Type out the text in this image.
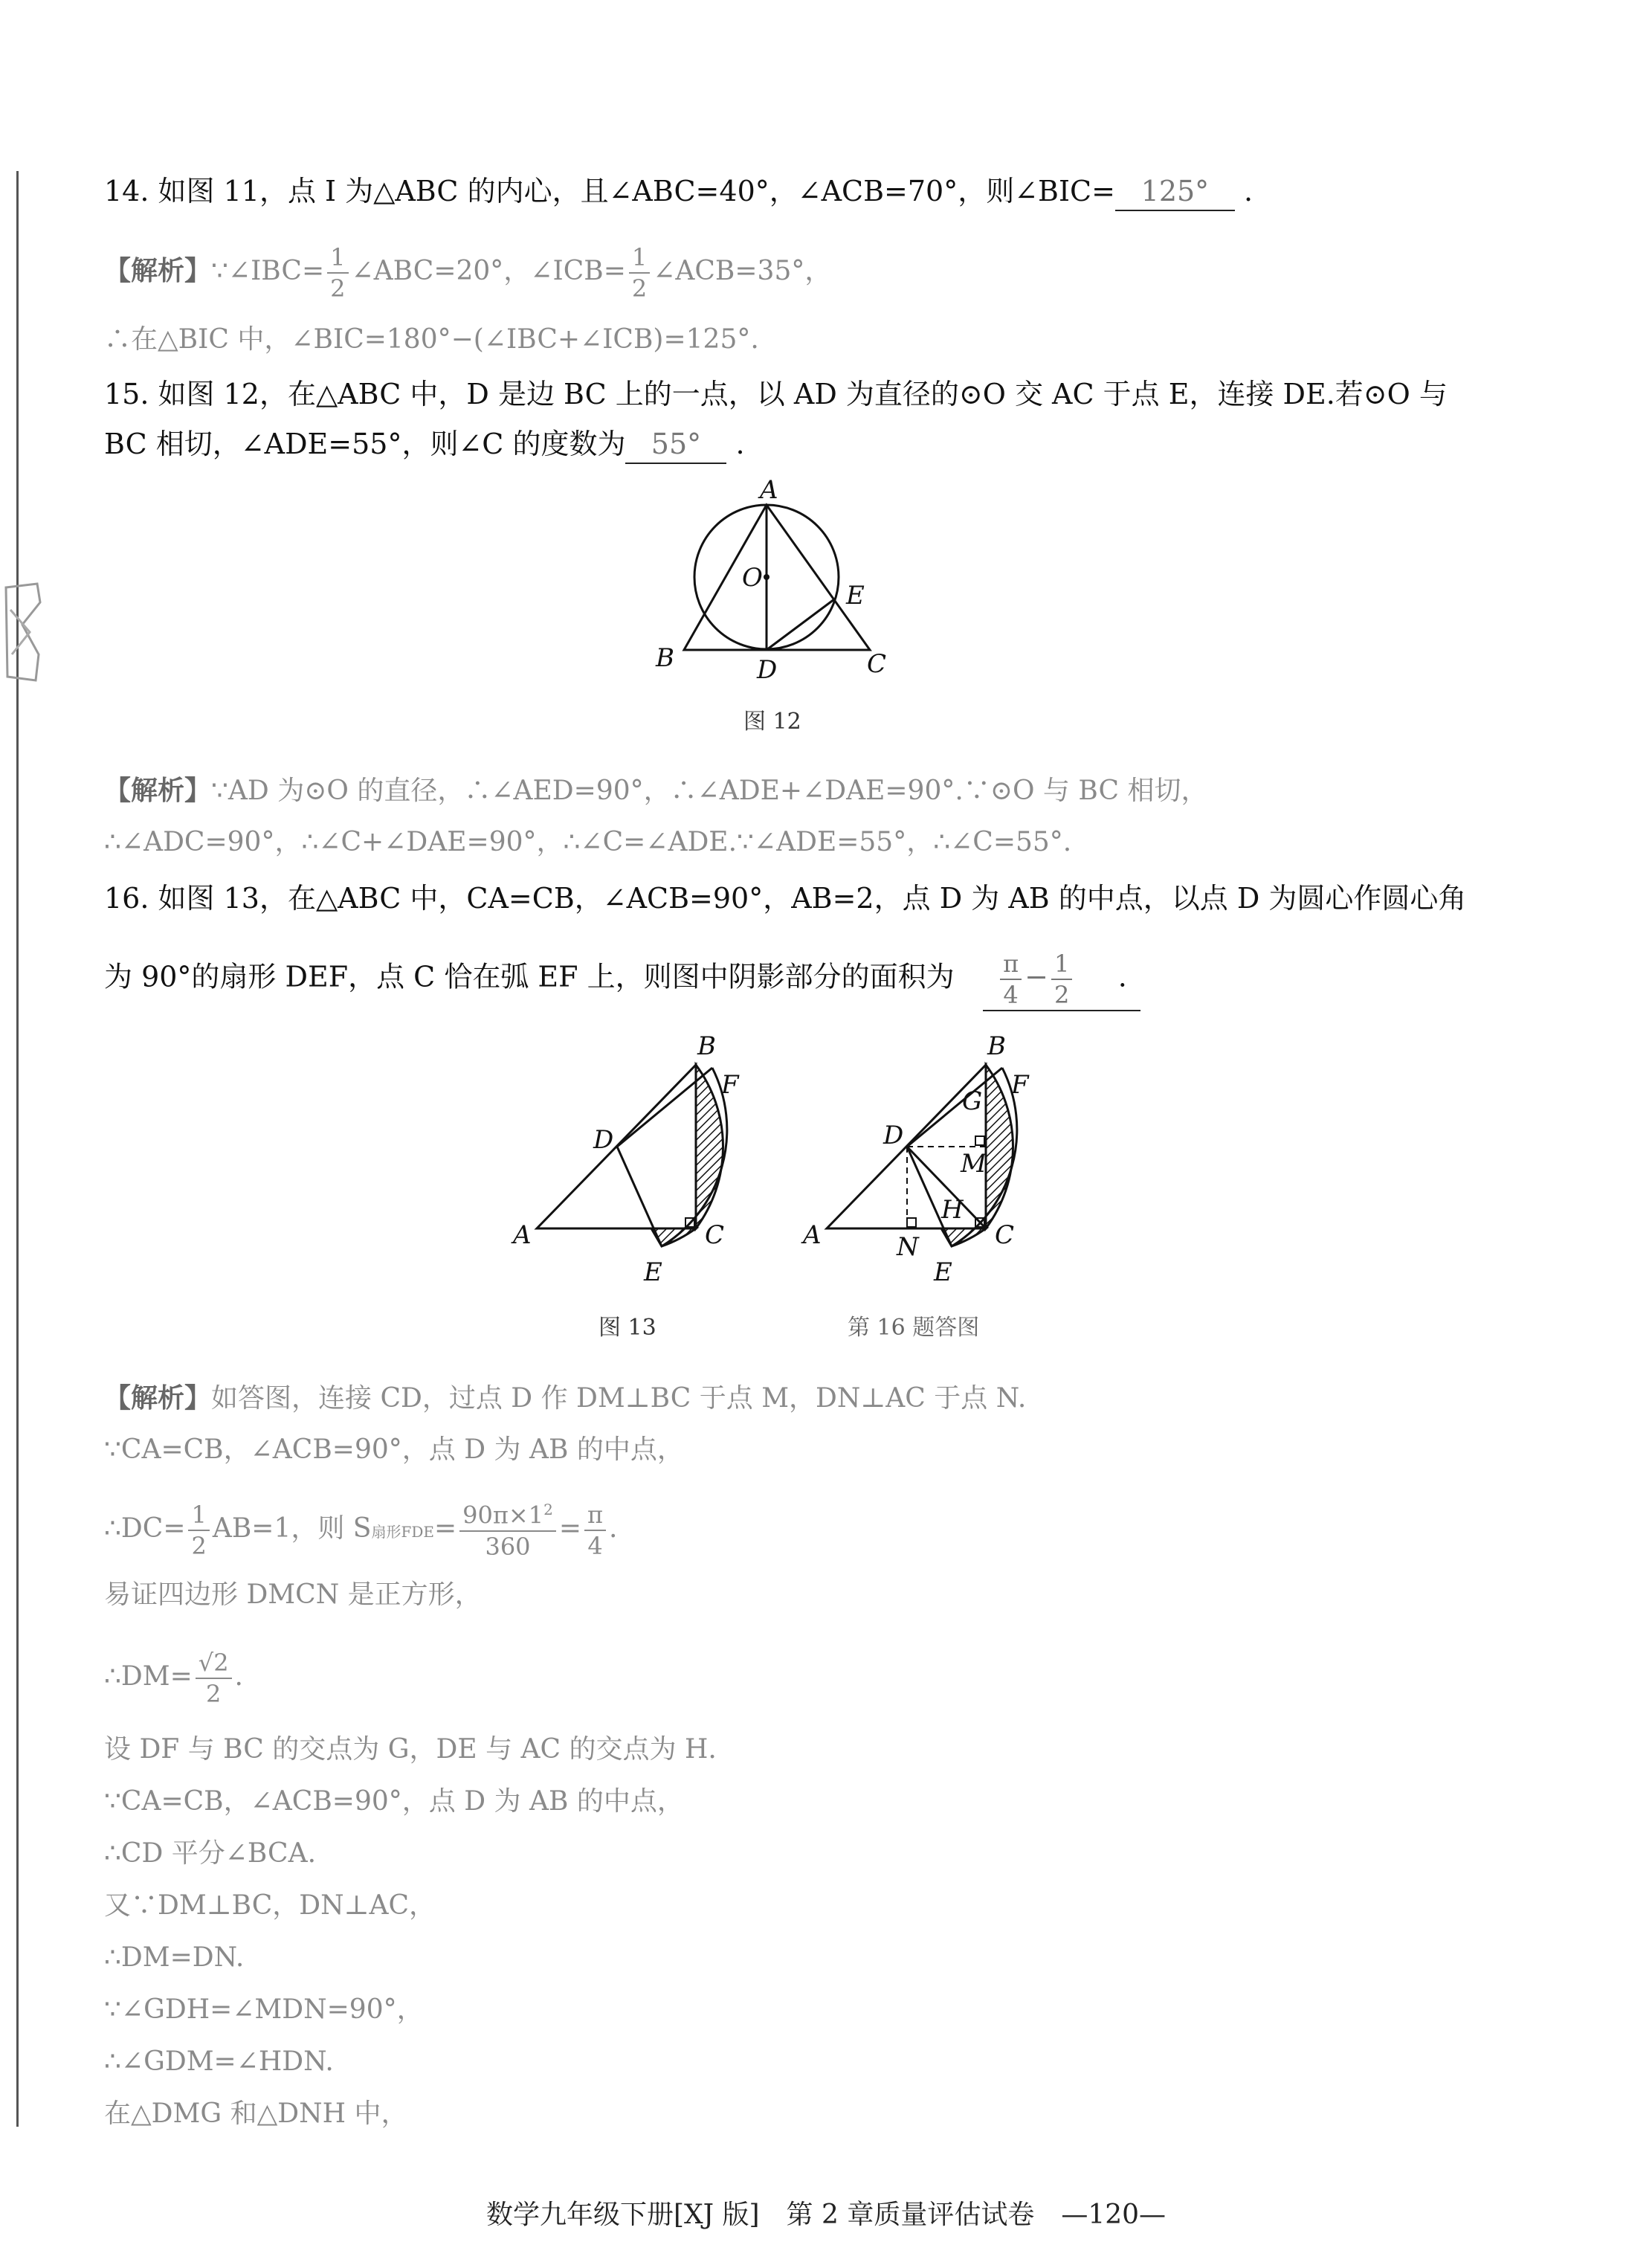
14. 如图 11，点 I 为△ABC 的内心，且∠ABC=40°，∠ACB=70°，则∠BIC= 125° .
【解析】∵∠IBC= $\frac{1}{2}$ ∠ABC=20°，∠ICB= $\frac{1}{2}$ ∠ACB=35°，
∴在△BIC 中，∠BIC=180°−(∠IBC+∠ICB)=125°.
15. 如图 12，在△ABC 中，D 是边 BC 上的一点，以 AD 为直径的⊙O 交 AC 于点 E，连接 DE.若⊙O 与
BC 相切，∠ADE=55°，则∠C 的度数为 55° .
A
O
E
B	D	C
图 12
【解析】∵AD 为⊙O 的直径，∴∠AED=90°，∴∠ADE+∠DAE=90°.∵⊙O 与 BC 相切，
∴∠ADC=90°，∴∠C+∠DAE=90°，∴∠C=∠ADE.∵∠ADE=55°，∴∠C=55°.
16. 如图 13，在△ABC 中，CA=CB，∠ACB=90°，AB=2，点 D 为 AB 的中点，以点 D 为圆心作圆心角
为 90°的扇形 DEF，点 C 恰在弧 EF 上，则图中阴影部分的面积为 $\frac{\pi}{4} - \frac{1}{2}$ .
B
F
D
A	C
E
图 13
B
G
F
D
M
H
A	N	C
E
第 16 题答图
【解析】如答图，连接 CD，过点 D 作 DM⊥BC 于点 M，DN⊥AC 于点 N.
∵CA=CB，∠ACB=90°，点 D 为 AB 的中点，
∴DC= $\frac{1}{2} AB=1$，则 S扇形$FDE= \frac{90\pi\times 1^2}{360} = \frac{\pi}{4}$ .
易证四边形 DMCN 是正方形，
∴DM= $\frac{√2}{2}$ .
设 DF 与 BC 的交点为 G，DE 与 AC 的交点为 H.
∵CA=CB，∠ACB=90°，点 D 为 AB 的中点，
∴CD 平分∠BCA.
又∵DM⊥BC，DN⊥AC，
∴DM=DN.
∵∠GDH=∠MDN=90°，
∴∠GDM=∠HDN.
在△DMG 和△DNH 中，
数学九年级下册[XJ 版]　第 2 章质量评估试卷　—120—
